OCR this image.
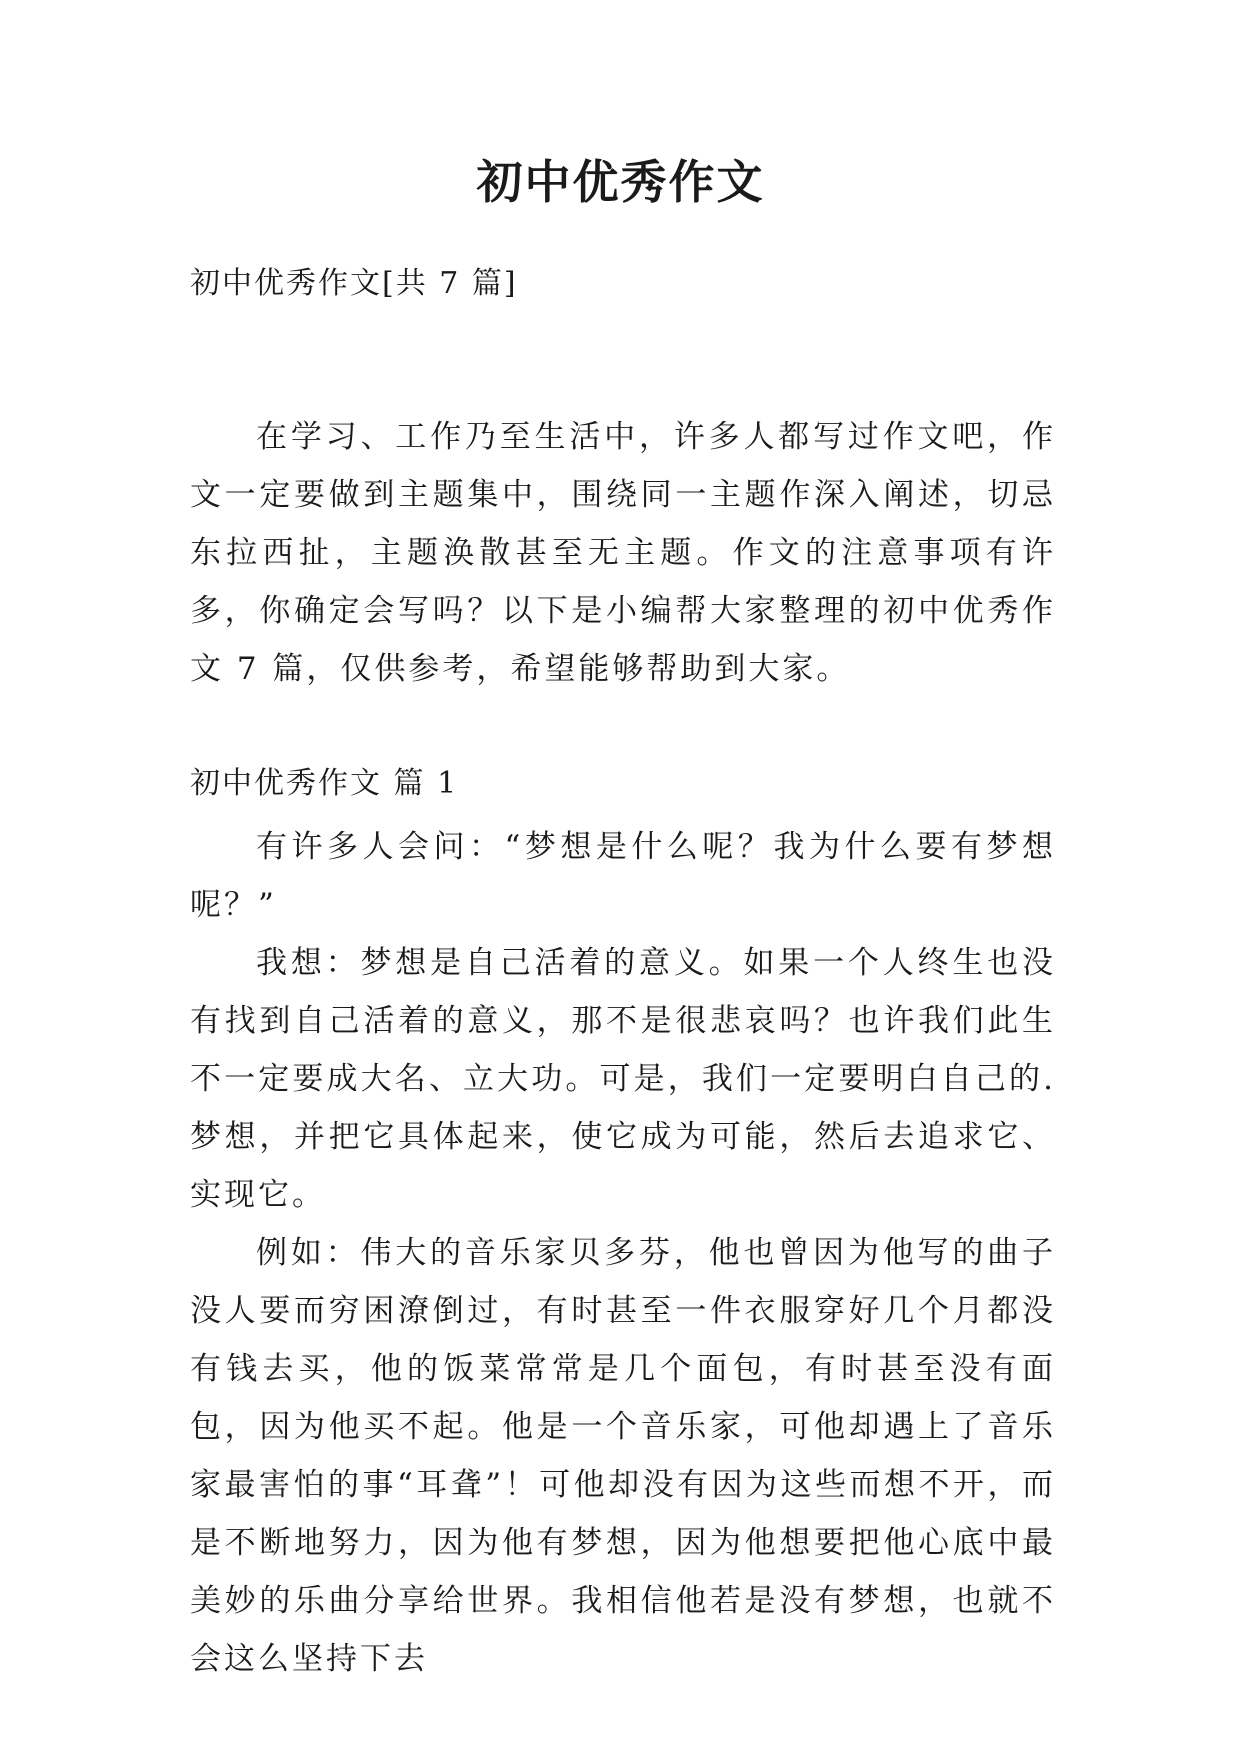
初中优秀作文

初中优秀作文[共 7 篇]

在学习、工作乃至生活中，许多人都写过作文吧，作文一定要做到主题集中，围绕同一主题作深入阐述，切忌东拉西扯，主题涣散甚至无主题。作文的注意事项有许多，你确定会写吗？以下是小编帮大家整理的初中优秀作文 7 篇，仅供参考，希望能够帮助到大家。

初中优秀作文 篇 1

有许多人会问：“梦想是什么呢？我为什么要有梦想呢？”

我想：梦想是自己活着的意义。如果一个人终生也没有找到自己活着的意义，那不是很悲哀吗？也许我们此生不一定要成大名、立大功。可是，我们一定要明白自己的.梦想，并把它具体起来，使它成为可能，然后去追求它、实现它。

例如：伟大的音乐家贝多芬，他也曾因为他写的曲子没人要而穷困潦倒过，有时甚至一件衣服穿好几个月都没有钱去买，他的饭菜常常是几个面包，有时甚至没有面包，因为他买不起。他是一个音乐家，可他却遇上了音乐家最害怕的事“耳聋”！可他却没有因为这些而想不开，而是不断地努力，因为他有梦想，因为他想要把他心底中最美妙的乐曲分享给世界。我相信他若是没有梦想，也就不会这么坚持下去
